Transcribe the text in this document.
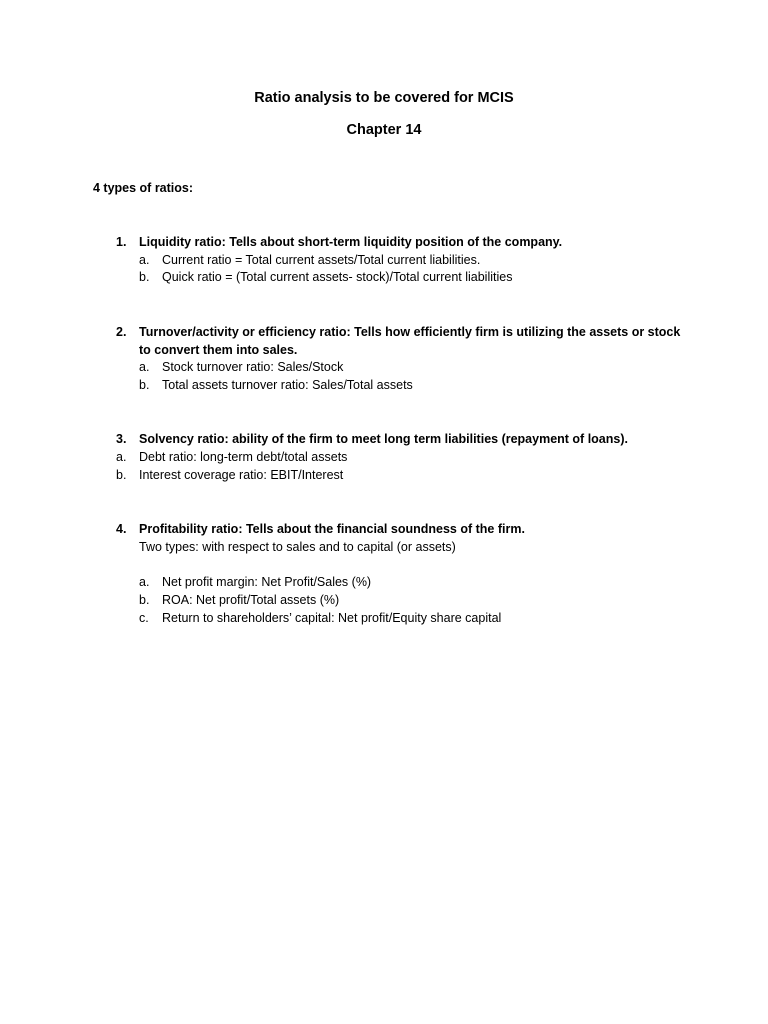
Ratio analysis to be covered for MCIS
Chapter 14
4 types of ratios:
1. Liquidity ratio: Tells about short-term liquidity position of the company.
a. Current ratio = Total current assets/Total current liabilities.
b. Quick ratio = (Total current assets- stock)/Total current liabilities
2. Turnover/activity or efficiency ratio: Tells how efficiently firm is utilizing the assets or stock
to convert them into sales.
a. Stock turnover ratio: Sales/Stock
b. Total assets turnover ratio: Sales/Total assets
3. Solvency ratio: ability of the firm to meet long term liabilities (repayment of loans).
a. Debt ratio: long-term debt/total assets
b. Interest coverage ratio: EBIT/Interest
4. Profitability ratio: Tells about the financial soundness of the firm.
Two types: with respect to sales and to capital (or assets)
a. Net profit margin: Net Profit/Sales (%)
b. ROA: Net profit/Total assets (%)
c. Return to shareholders’ capital: Net profit/Equity share capital
